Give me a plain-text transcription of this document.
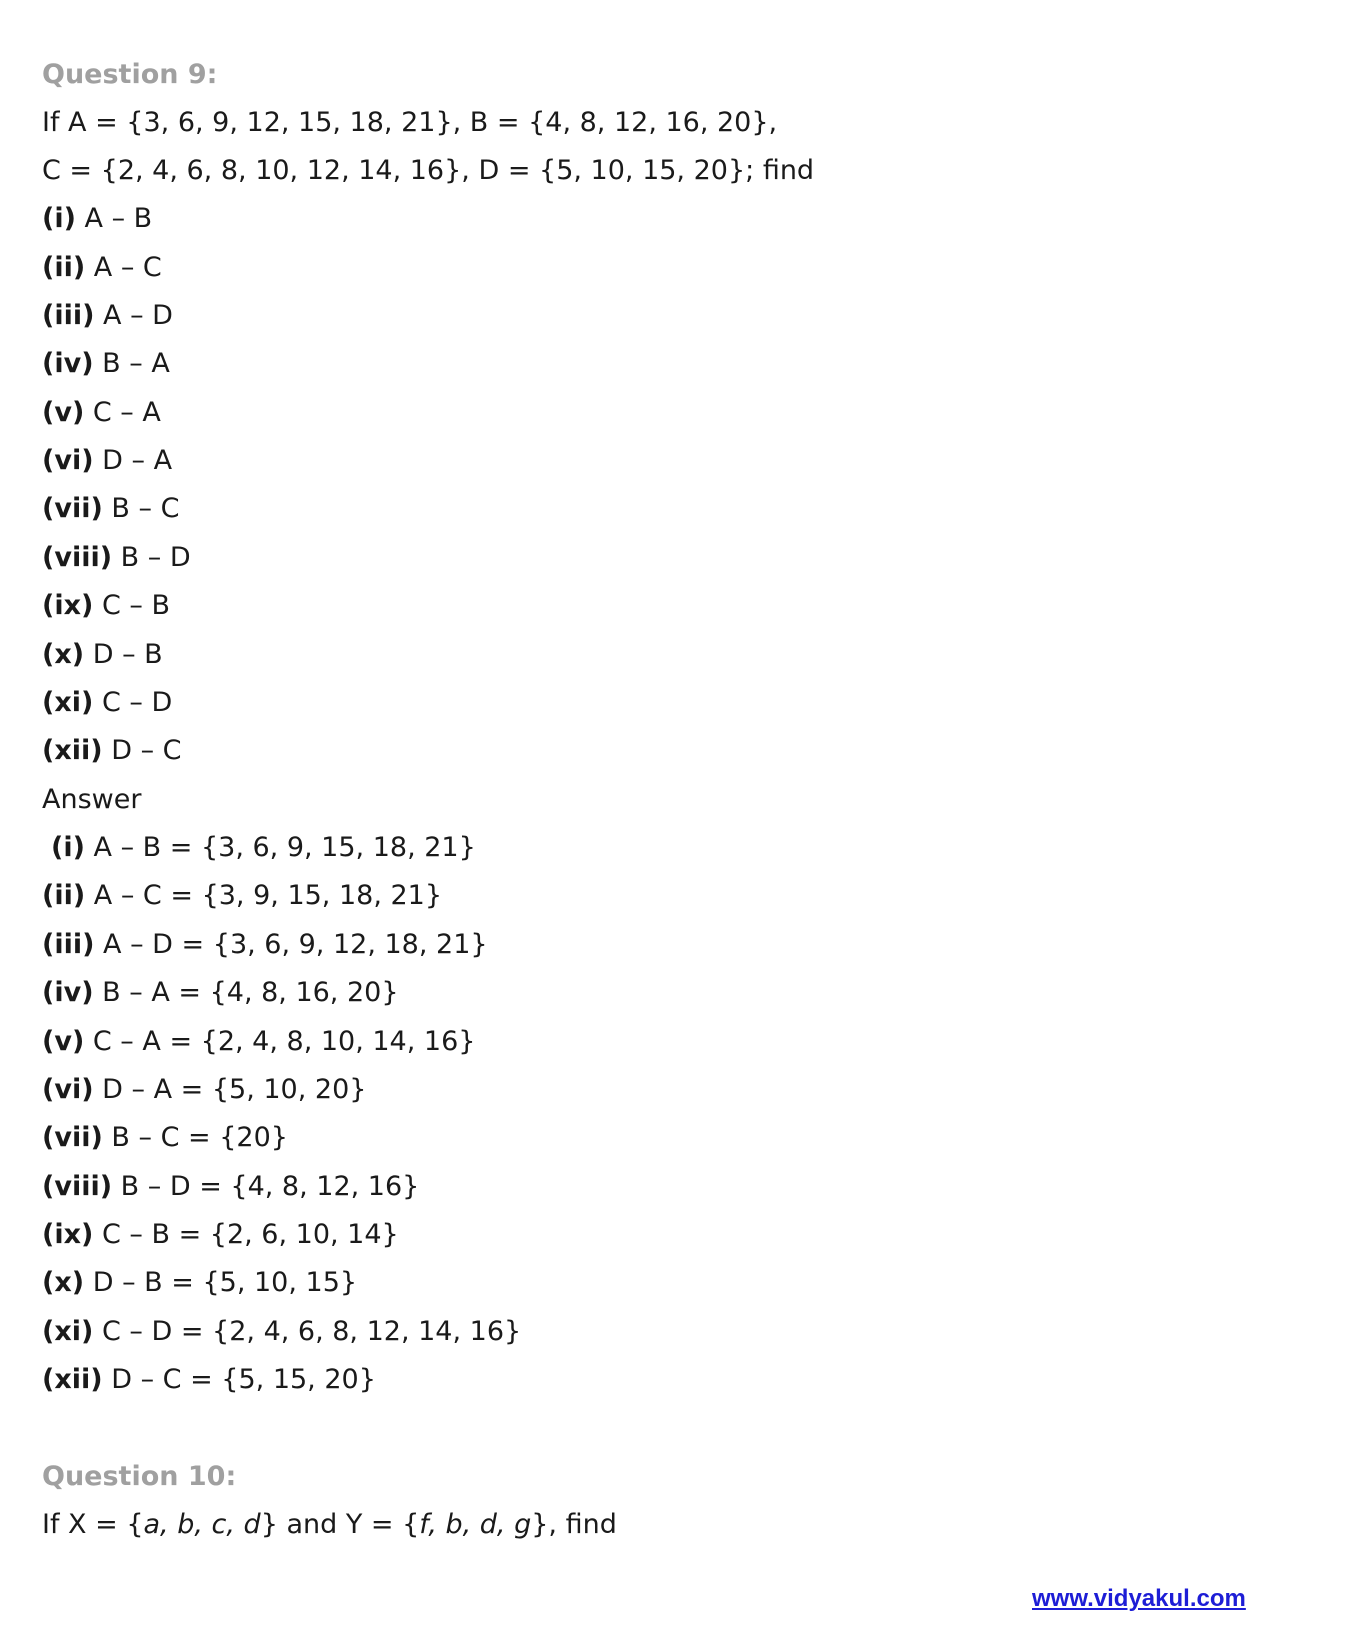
Question 9:
If A = {3, 6, 9, 12, 15, 18, 21}, B = {4, 8, 12, 16, 20},
C = {2, 4, 6, 8, 10, 12, 14, 16}, D = {5, 10, 15, 20}; find
(i) A – B
(ii) A – C
(iii) A – D
(iv) B – A
(v) C – A
(vi) D – A
(vii) B – C
(viii) B – D
(ix) C – B
(x) D – B
(xi) C – D
(xii) D – C
Answer
(i) A – B = {3, 6, 9, 15, 18, 21}
(ii) A – C = {3, 9, 15, 18, 21}
(iii) A – D = {3, 6, 9, 12, 18, 21}
(iv) B – A = {4, 8, 16, 20}
(v) C – A = {2, 4, 8, 10, 14, 16}
(vi) D – A = {5, 10, 20}
(vii) B – C = {20}
(viii) B – D = {4, 8, 12, 16}
(ix) C – B = {2, 6, 10, 14}
(x) D – B = {5, 10, 15}
(xi) C – D = {2, 4, 6, 8, 12, 14, 16}
(xii) D – C = {5, 15, 20}
Question 10:
If X = {a, b, c, d} and Y = {f, b, d, g}, find
www.vidyakul.com
